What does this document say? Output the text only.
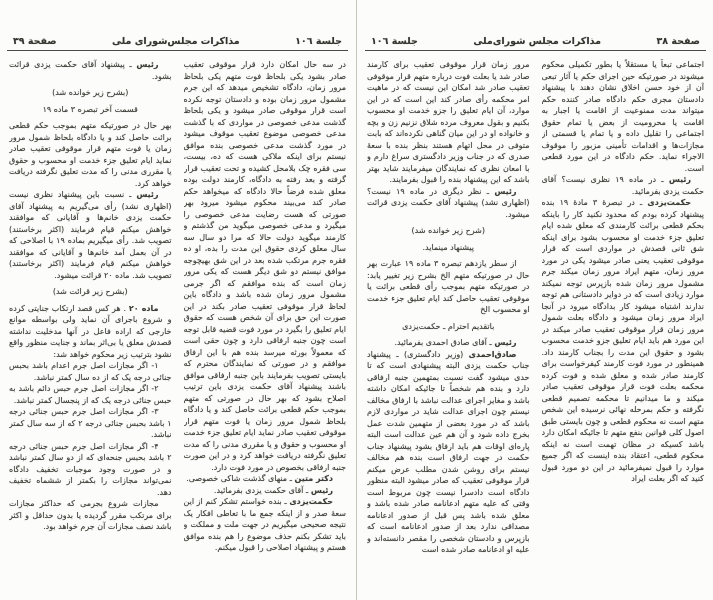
جلسة ١٠٦	مذاکرات مجلس شورای‌ملی	صفحة ٣٨

اجتماعی تبعاً یا مستقلاً یا بطور تکمیلی محکوم میشوند در صورتیکه حین اجرای حکم یا آثار تبعی آن از خود حسن اخلاق نشان دهند با پیشنهاد دادستان مجری حکم دادگاه صادر کننده حکم میتواند مدت ممنوعیت از اقامت یا اجبار به اقامت یا محرومیت از بعض یا تمام حقوق اجتماعی را تقلیل داده و یا تمام یا قسمتی از مجازات‌ها و اقدامات تأمینی مزبور را موقوف الاجراء نماید. حکم دادگاه در این مورد قطعی است.

رئیس ـ در ماده ۱۹ نظری نیست؟ آقای حکمت یزدی بفرمائید.

حکمت‌یزدی ـ در تبصرهٔ ۳ مادهٔ ۱۹ بنده پیشنهاد کرده بودم که محدود نکنید کار را باینکه بحکم قطعی برائت کارمندی که معلق شده ایام تعلیق جزء خدمت او محسوب بشود برای اینکه شق ثانی قصدش در مواردی است که قرار موقوفی تعقیب یعنی صادر میشود یکی در مورد مرور زمان، متهم ایراد مرور زمان میکند جرم مشمول مرور زمان شده بازپرس توجه نمیکند موارد زیادی است که در دوایر دادستانی هم توجه ندارند اشتباه میشود کار بدادگاه میرود در آنجا ایراد مرور زمان میشود و دادگاه بعلت شمول مرور زمان قرار موقوفی تعقیب صادر میکند در این مورد هم باید ایام تعلیق جزو خدمت محسوب بشود و حقوق این مدت را بجناب کارمند داد. همینطور در مورد فوت کارمند کیفرخواست برای کارمند صادر شده و معلق شده و فوت کرده محکمه بعلت فوت قرار موقوفی تعقیب صادر میکند و ما میدانیم تا محکمه تصمیم قطعی نگرفته و حکم بمرحله نهائی نرسیده این شخص متهم است نه محکوم قطعی و چون بایستی طبق اصول کلی قوانین بنفع متهم تا جائیکه امکان دارد باشد کسیکه در مظان تهمت است نه اینکه محکوم قطعی، اعتقاد بنده اینست که اگر جمیع موارد را قبول نمیفرمائید در این دو مورد قبول کنید که اگر بعلت ایراد

مرور زمان قرار موقوفی تعقیب برای کارمند صادر شد یا بعلت فوت درباره متهم قرار موقوفی تعقیب صادر شد امکان این نیست که در ماهیت امر محکمه رأی صادر کند این است که در این موارد، آن ایام تعلیق را جزو خدمت او محسوب بکنیم و بقول معروف مرده شلاق نزنیم زن و بچه و خانواده او در این میان گناهی نکرده‌اند که بابت متوفی در محل اتهام هستند بنظر بنده با سعهٔ صدری که در جناب وزیر دادگستری سراغ دارم و با امعان نظری که نمایندگان میفرمایند شاید بهتر باشد که این پیشنهاد بنده را قبول بفرمایند.

رئیس ـ نظر دیگری در ماده ۱۹ نیست؟ (اظهاری نشد) پیشنهاد آقای حکمت یزدی قرائت میشود.

(شرح زیر خوانده شد)

پیشنهاد مینماید.

از سطر یازدهم تبصره ۳ ماده ۱۹ عبارت بهر حال در صورتیکه متهم الخ بشرح زیر تغییر یابد: در صورتیکه متهم بموجب رأی قطعی برائت یا موقوفی تعقیب حاصل کند ایام تعلیق جزء خدمت او محسوب الخ

باتقدیم احترام ـ حکمت‌یزدی

رئیس ـ آقای صادق احمدی بفرمائید.

صادق‌احمدی (وزیر دادگستری) ـ پیشنهاد جناب حکمت یزدی البته پیشنهادی است که تا حدی میشود گفت نسبت بمتهمین جنبه ارفاقی دارد و بنده هم شخصاً تا جائیکه امکان داشته باشد و مغایر اجرای عدالت نباشد با ارفاق مخالف نیستم چون اجرای عدالت شاید در مواردی لازم باشد که در مورد بعضی از متهمین شدت عمل بخرج داده شود و آن هم عین عدالت است البته پاره‌ای اوقات هم باید ارفاق بشود پیشنهاد جناب حکمت در جهت ارفاق است بنده هم مخالف نیستم برای روشن شدن مطلب عرض میکنم قرار موقوفی تعقیب که صادر میشود البته منظور دادگاه است دادسرا نیست چون مربوط است وقتی که علیه متهم ادعانامه صادر شده باشد و معلق شده باشد پس قبل از صدور ادعانامه مصداقی ندارد بعد از صدور ادعانامه است که بازپرس و دادستان شخصی را مقصر دانسته‌اند و علیه او ادعانامه صادر شده است

صفحة ٣٩	مذاکرات مجلس‌شورای ملی	جلسة ١٠٦

در سه حال امکان دارد قرار موقوفی تعقیب صادر بشود یکی بلحاظ فوت متهم یکی بلحاظ مرور زمان، دادگاه تشخیص میدهد که این جرم مشمول مرور زمان بوده و دادستان توجه نکرده است قرار موقوفی صادر میشود و یکی بلحاظ گذشت مدعی خصوصی در مواردی که با گذشت مدعی خصوصی موضوع تعقیب موقوف میشود در مورد گذشت مدعی خصوصی بنده موافق نیستم برای اینکه ملاکی هست که ده، بیست، سی فقره چک بلامحل کشیده و تحت تعقیب قرار گرفته و بعد رفته به دادگاه، کارمند دولت بوده معلق شده فرضاً حالا دادگاه که میخواهد حکم صادر کند می‌بیند محکوم میشود میرود بهر صورتی که هست رضایت مدعی خصوصی را میگیرد و مدعی خصوصی میگوید من گذشتم و کارمند میگوید دولت حالا که مرا دو سال سه سال معلق کردی حقوق این مدت را بده، او ده فقره جرم مرتکب شده بعد در این شق بهیچوجه موافق نیستم دو شق دیگر هست که یکی مرور زمان است که بنده موافقم که اگر جرمی مشمول مرور زمان شده باشد و دادگاه باین لحاظ قرار موقوفی تعقیب صادر بکند در این صورت این حق برای آن شخص هست که حقوق ایام تعلیق را بگیرد در مورد فوت قضیه قابل توجه است چون جنبه ارفاقی دارد و چون حقی است که معمولاً بورثه میرسد بنده هم با این ارفاق موافقم و در صورتی که نمایندگان محترم که بایستی تصویب بفرمایند باین جنبه ارفاقی موافق باشند پیشنهاد آقای حکمت یزدی باین ترتیب اصلاح بشود که بهر حال در صورتی که متهم بموجب حکم قطعی برائت حاصل کند و یا دادگاه بلحاظ شمول مرور زمان یا فوت متهم قرار موقوفی تعقیب صادر نماید ایام تعلیق جزء خدمت او محسوب و حقوق و یا مقرری مدنی را که مدت تعلیق نگرفته دریافت خواهد کرد و در این صورت جنبه ارفاقی بخصوص در مورد فوت دارد.

دکتر متین ـ منهای گذشت شاکی خصوصی.

رئیس ـ آقای حکمت یزدی بفرمائید.

حکمت‌یزدی ـ بنده خواستم تشکر کنم از این سعهٔ صدر و از اینکه جمع ما با تعاطی افکار یک نتیجه صحیحی میگیریم در جهت ملت و مملکت و باید تشکر بکنم حذف موضوع را هم بنده موافق هستم و پیشنهاد اصلاحی را قبول میکنم.

رئیس ـ پیشنهاد آقای حکمت یزدی قرائت بشود.

(بشرح زیر خوانده شد)

قسمت آخر تبصره ۳ ماده ۱۹

بهر حال در صورتیکه متهم بموجب حکم قطعی برائت حاصل کند و یا دادگاه بلحاظ شمول مرور زمان یا فوت متهم قرار موقوفی تعقیب صادر نماید ایام تعلیق جزء خدمت او محسوب و حقوق یا مقرری مدنی را که مدت تعلیق نگرفته دریافت خواهد کرد.

رئیس ـ نسبت باین پیشنهاد نظری نیست (اظهاری نشد) رأی می‌گیریم به پیشنهاد آقای حکمت یزدی خانم‌ها و آقایانی که موافقند خواهش میکنم قیام فرمایند (اکثر برخاستند) تصویب شد. رأی میگیریم بماده ۱۹ با اصلاحی که در آن بعمل آمد خانم‌ها و آقایانی که موافقند خواهش میکنم قیام فرمایند (اکثر برخاستند) تصویب شد. ماده ۲۰ قرائت میشود.

(بشرح زیر قرائت شد)

ماده ۲۰ . هر کس قصد ارتکاب جنایتی کرده و شروع باجرای آن نماید ولی بواسطه موانع خارجی که اراده فاعل در آنها مدخلیت نداشته قصدش معلق یا بی‌اثر بماند و جنایت منظور واقع نشود بترتیب زیر محکوم خواهد شد:

۱- اگر مجازات اصل جرم اعدام باشد بحبس جنائی درجه یک که از ده سال کمتر نباشد.

۲- اگر مجازات اصل جرم حبس دائم باشد به حبس جنائی درجه یک که از پنجسال کمتر نباشد.

۳- اگر مجازات اصل جرم حبس جنائی درجه ۱ باشد بحبس جنائی درجه ۲ که از سه سال کمتر نباشد.

۴- اگر مجازات اصل جرم حبس جنائی درجه ۲ باشد بحبس جنحه‌ای که از دو سال کمتر نباشد و در صورت وجود موجبات تخفیف دادگاه نمی‌تواند مجازات را بکمتر از ششماه تخفیف دهد.

مجازات شروع بجرمی که حداکثر مجازات برای مرتکب مقرر گردیده یا بدون حداقل و اکثر باشد نصف مجازات آن جرم خواهد بود.
